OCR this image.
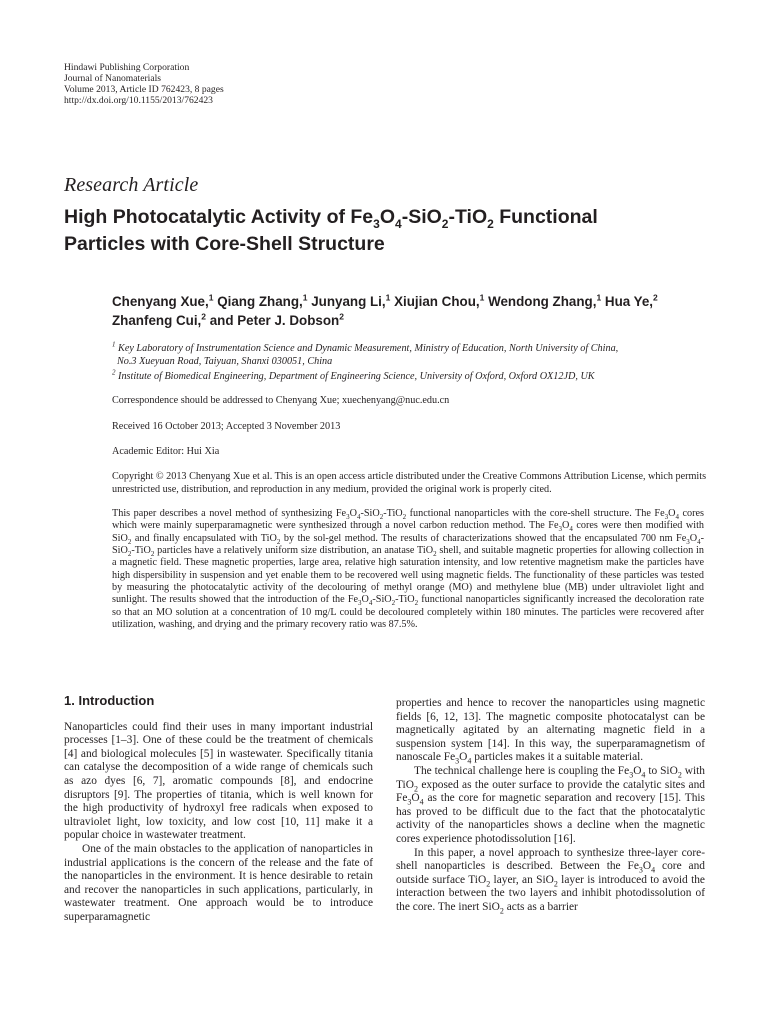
Hindawi Publishing Corporation
Journal of Nanomaterials
Volume 2013, Article ID 762423, 8 pages
http://dx.doi.org/10.1155/2013/762423
Research Article
High Photocatalytic Activity of $Fe_3O_4-SiO_2-TiO_2$ Functional
Particles with Core-Shell Structure
Chenyang Xue,$^1$ Qiang Zhang,$^1$ Junyang Li,$^1$ Xiujian Chou,$^1$ Wendong Zhang,$^1$ Hua Ye,$^2$
Zhanfeng Cui,$^2$ and Peter J. Dobson$^2$
$^1$ Key Laboratory of Instrumentation Science and Dynamic Measurement, Ministry of Education, North University of China,
No.3 Xueyuan Road, Taiyuan, Shanxi 030051, China
$^2$ Institute of Biomedical Engineering, Department of Engineering Science, University of Oxford, Oxford OX12JD, UK
Correspondence should be addressed to Chenyang Xue; xuechenyang@nuc.edu.cn
Received 16 October 2013; Accepted 3 November 2013
Academic Editor: Hui Xia
Copyright © 2013 Chenyang Xue et al. This is an open access article distributed under the Creative Commons Attribution License, which permits unrestricted use, distribution, and reproduction in any medium, provided the original work is properly cited.
This paper describes a novel method of synthesizing $Fe_3O_4-SiO_2-TiO_2$ functional nanoparticles with the core-shell structure. The $Fe_3O_4$ cores which were mainly superparamagnetic were synthesized through a novel carbon reduction method. The $Fe_3O_4$ cores were then modified with SiO$_2$ and finally encapsulated with TiO$_2$ by the sol-gel method. The results of characterizations showed that the encapsulated 700 nm $Fe_3O_4-SiO_2-TiO_2$ particles have a relatively uniform size distribution, an anatase TiO$_2$ shell, and suitable magnetic properties for allowing collection in a magnetic field. These magnetic properties, large area, relative high saturation intensity, and low retentive magnetism make the particles have high dispersibility in suspension and yet enable them to be recovered well using magnetic fields. The functionality of these particles was tested by measuring the photocatalytic activity of the decolouring of methyl orange (MO) and methylene blue (MB) under ultraviolet light and sunlight. The results showed that the introduction of the $Fe_3O_4-SiO_2-TiO_2$ functional nanoparticles significantly increased the decoloration rate so that an MO solution at a concentration of 10 mg/L could be decoloured completely within 180 minutes. The particles were recovered after utilization, washing, and drying and the primary recovery ratio was 87.5%.
1. Introduction

Nanoparticles could find their uses in many important industrial processes [1–3]. One of these could be the treatment of chemicals [4] and biological molecules [5] in wastewater. Specifically titania can catalyse the decomposition of a wide range of chemicals such as azo dyes [6, 7], aromatic compounds [8], and endocrine disruptors [9]. The properties of titania, which is well known for the high productivity of hydroxyl free radicals when exposed to ultraviolet light, low toxicity, and low cost [10, 11] make it a popular choice in wastewater treatment.

One of the main obstacles to the application of nanoparticles in industrial applications is the concern of the release and the fate of the nanoparticles in the environment. It is hence desirable to retain and recover the nanoparticles in such applications, particularly, in wastewater treatment. One approach would be to introduce superparamagnetic

properties and hence to recover the nanoparticles using magnetic fields [6, 12, 13]. The magnetic composite photocatalyst can be magnetically agitated by an alternating magnetic field in a suspension system [14]. In this way, the superparamagnetism of nanoscale $Fe_3O_4$ particles makes it a suitable material.

The technical challenge here is coupling the $Fe_3O_4$ to SiO$_2$ with TiO$_2$ exposed as the outer surface to provide the catalytic sites and $Fe_3O_4$ as the core for magnetic separation and recovery [15]. This has proved to be difficult due to the fact that the photocatalytic activity of the nanoparticles shows a decline when the magnetic cores experience photodissolution [16].

In this paper, a novel approach to synthesize three-layer core-shell nanoparticles is described. Between the $Fe_3O_4$ core and outside surface TiO$_2$ layer, an SiO$_2$ layer is introduced to avoid the interaction between the two layers and inhibit photodissolution of the core. The inert SiO$_2$ acts as a barrier
